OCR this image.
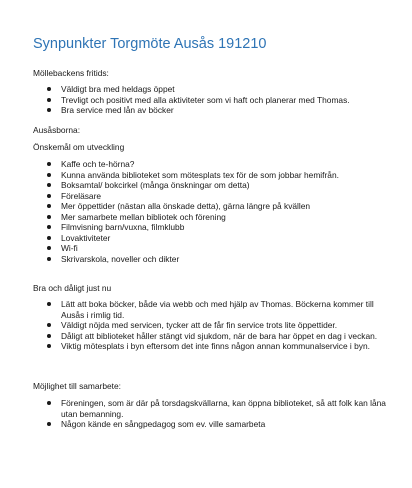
Synpunkter Torgmöte Ausås 191210
Möllebackens fritids:
Väldigt bra med heldags öppet
Trevligt och positivt med alla aktiviteter som vi haft och planerar med Thomas.
Bra service med lån av böcker
Ausåsborna:
Önskemål om utveckling
Kaffe och te-hörna?
Kunna använda biblioteket som mötesplats tex för de som jobbar hemifrån.
Boksamtal/ bokcirkel (många önskningar om detta)
Föreläsare
Mer öppettider (nästan alla önskade detta), gärna längre på kvällen
Mer samarbete mellan bibliotek och förening
Filmvisning barn/vuxna, filmklubb
Lovaktiviteter
Wi-fi
Skrivarskola, noveller och dikter
Bra och dåligt just nu
Lätt att boka böcker, både via webb och med hjälp av Thomas. Böckerna kommer till Ausås i rimlig tid.
Väldigt nöjda med servicen, tycker att de får fin service trots lite öppettider.
Dåligt att biblioteket håller stängt vid sjukdom, när de bara har öppet en dag i veckan.
Viktig mötesplats i byn eftersom det inte finns någon annan kommunalservice i byn.
Möjlighet till samarbete:
Föreningen, som är där på torsdagskvällarna, kan öppna biblioteket, så att folk kan låna utan bemanning.
Någon kände en sångpedagog som ev. ville samarbeta
